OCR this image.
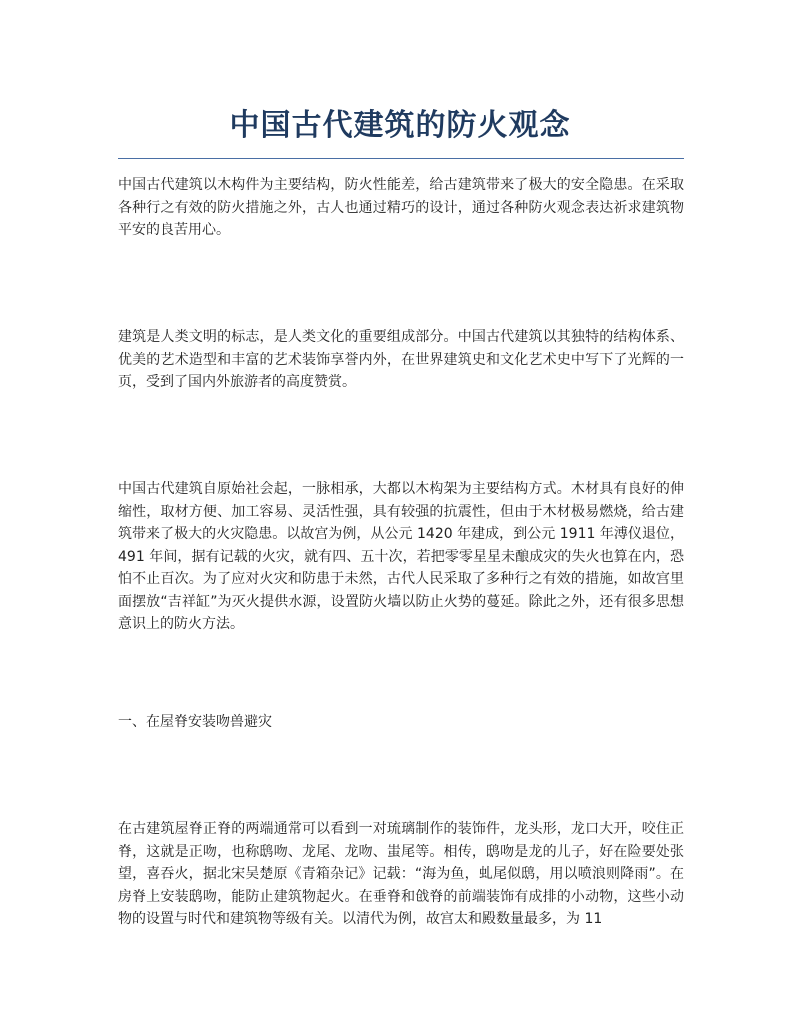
中国古代建筑的防火观念
中国古代建筑以木构件为主要结构，防火性能差，给古建筑带来了极大的安全隐患。在采取各种行之有效的防火措施之外，古人也通过精巧的设计，通过各种防火观念表达祈求建筑物平安的良苦用心。
建筑是人类文明的标志，是人类文化的重要组成部分。中国古代建筑以其独特的结构体系、优美的艺术造型和丰富的艺术装饰享誉内外，在世界建筑史和文化艺术史中写下了光辉的一页，受到了国内外旅游者的高度赞赏。
中国古代建筑自原始社会起，一脉相承，大都以木构架为主要结构方式。木材具有良好的伸缩性，取材方便、加工容易、灵活性强，具有较强的抗震性，但由于木材极易燃烧，给古建筑带来了极大的火灾隐患。以故宫为例，从公元 1420 年建成，到公元 1911 年溥仪退位，491 年间，据有记载的火灾，就有四、五十次，若把零零星星未酿成灾的失火也算在内，恐怕不止百次。为了应对火灾和防患于未然，古代人民采取了多种行之有效的措施，如故宫里面摆放“吉祥缸”为灭火提供水源，设置防火墙以防止火势的蔓延。除此之外，还有很多思想意识上的防火方法。
一、在屋脊安装吻兽避灾
在古建筑屋脊正脊的两端通常可以看到一对琉璃制作的装饰件，龙头形，龙口大开，咬住正脊，这就是正吻，也称鸱吻、龙尾、龙吻、蚩尾等。相传，鸱吻是龙的儿子，好在险要处张望，喜吞火，据北宋吴楚原《青箱杂记》记载：“海为鱼，虬尾似鸱，用以喷浪则降雨”。在房脊上安装鸱吻，能防止建筑物起火。在垂脊和戗脊的前端装饰有成排的小动物，这些小动物的设置与时代和建筑物等级有关。以清代为例，故宫太和殿数量最多，为 11
